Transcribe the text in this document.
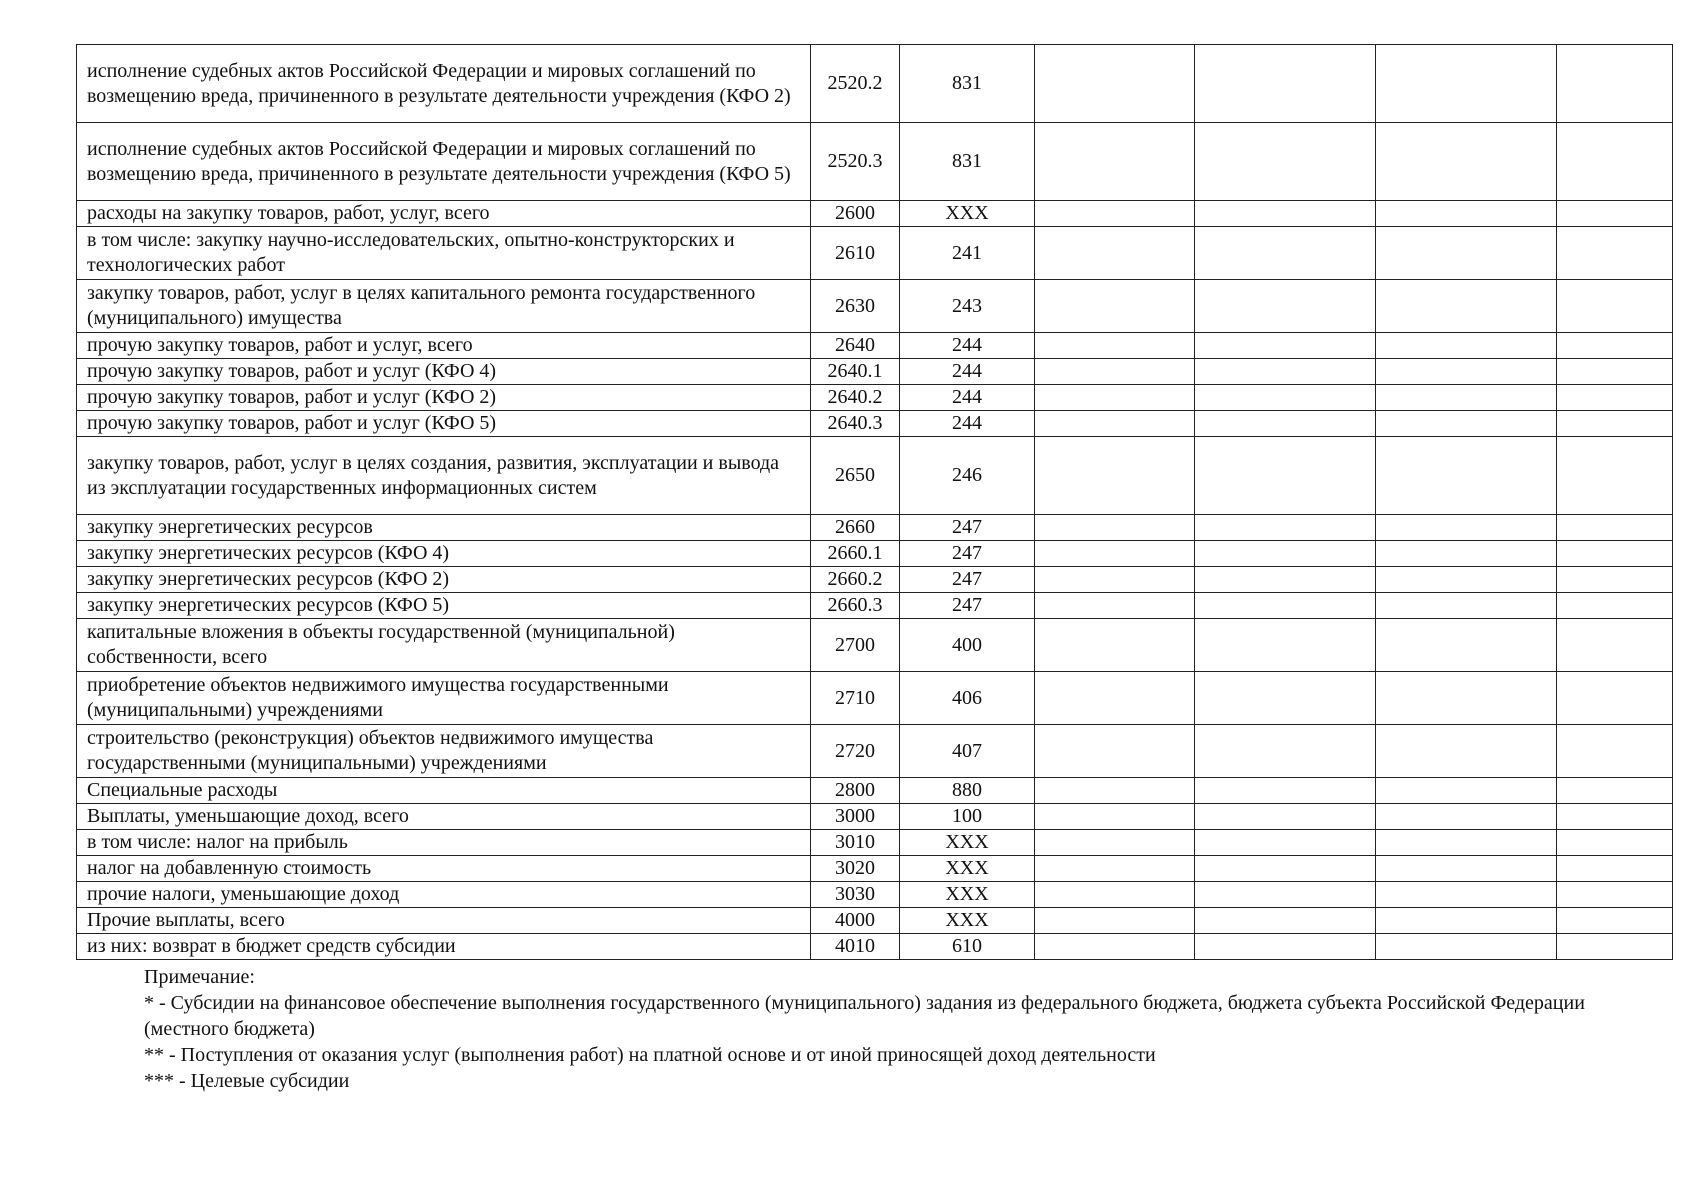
исполнение судебных актов Российской Федерации и мировых соглашений по возмещению вреда, причиненного в результате деятельности учреждения (КФО 2)	2520.2	831				
исполнение судебных актов Российской Федерации и мировых соглашений по возмещению вреда, причиненного в результате деятельности учреждения (КФО 5)	2520.3	831				
расходы на закупку товаров, работ, услуг, всего	2600	XXX				
в том числе: закупку научно-исследовательских, опытно-конструкторских и технологических работ	2610	241				
закупку товаров, работ, услуг в целях капитального ремонта государственного (муниципального) имущества	2630	243				
прочую закупку товаров, работ и услуг, всего	2640	244				
прочую закупку товаров, работ и услуг (КФО 4)	2640.1	244				
прочую закупку товаров, работ и услуг (КФО 2)	2640.2	244				
прочую закупку товаров, работ и услуг (КФО 5)	2640.3	244				
закупку товаров, работ, услуг в целях создания, развития, эксплуатации и вывода из эксплуатации государственных информационных систем	2650	246				
закупку энергетических ресурсов	2660	247				
закупку энергетических ресурсов (КФО 4)	2660.1	247				
закупку энергетических ресурсов (КФО 2)	2660.2	247				
закупку энергетических ресурсов (КФО 5)	2660.3	247				
капитальные вложения в объекты государственной (муниципальной) собственности, всего	2700	400				
приобретение объектов недвижимого имущества государственными (муниципальными) учреждениями	2710	406				
строительство (реконструкция) объектов недвижимого имущества государственными (муниципальными) учреждениями	2720	407				
Специальные расходы	2800	880				
Выплаты, уменьшающие доход, всего	3000	100				
в том числе: налог на прибыль	3010	XXX				
налог на добавленную стоимость	3020	XXX				
прочие налоги, уменьшающие доход	3030	XXX				
Прочие выплаты, всего	4000	XXX				
из них: возврат в бюджет средств субсидии	4010	610				

Примечание:

* - Субсидии на финансовое обеспечение выполнения государственного (муниципального) задания из федерального бюджета, бюджета субъекта Российской Федерации (местного бюджета)

** - Поступления от оказания услуг (выполнения работ) на платной основе и от иной приносящей доход деятельности

*** - Целевые субсидии
